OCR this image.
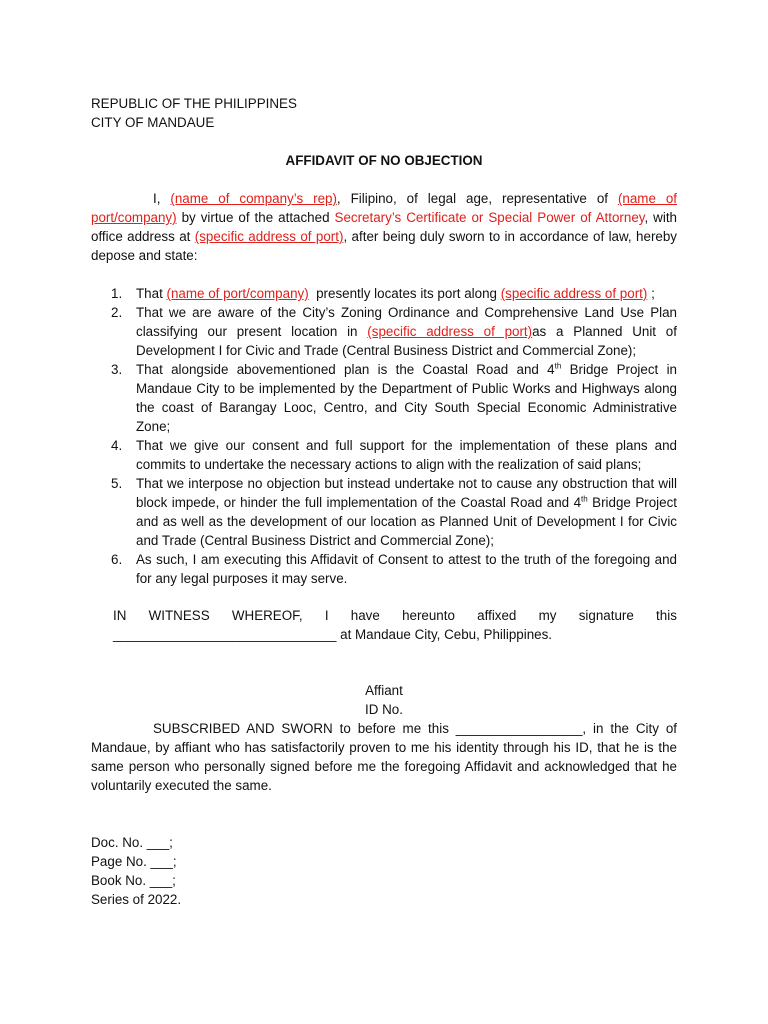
REPUBLIC OF THE PHILIPPINES
CITY OF MANDAUE
AFFIDAVIT OF NO OBJECTION
I, (name of company’s rep), Filipino, of legal age, representative of (name of port/company) by virtue of the attached Secretary’s Certificate or Special Power of Attorney, with office address at (specific address of port), after being duly sworn to in accordance of law, hereby depose and state:
1. That (name of port/company)  presently locates its port along (specific address of port) ;
2. That we are aware of the City’s Zoning Ordinance and Comprehensive Land Use Plan classifying our present location in (specific address of port)as a Planned Unit of Development I for Civic and Trade (Central Business District and Commercial Zone);
3. That alongside abovementioned plan is the Coastal Road and 4th Bridge Project in Mandaue City to be implemented by the Department of Public Works and Highways along the coast of Barangay Looc, Centro, and City South Special Economic Administrative Zone;
4. That we give our consent and full support for the implementation of these plans and commits to undertake the necessary actions to align with the realization of said plans;
5. That we interpose no objection but instead undertake not to cause any obstruction that will block impede, or hinder the full implementation of the Coastal Road and 4th Bridge Project and as well as the development of our location as Planned Unit of Development I for Civic and Trade (Central Business District and Commercial Zone);
6. As such, I am executing this Affidavit of Consent to attest to the truth of the foregoing and for any legal purposes it may serve.
IN WITNESS WHEREOF, I have hereunto affixed my signature this
______________________________ at Mandaue City, Cebu, Philippines.
Affiant
ID No.
SUBSCRIBED AND SWORN to before me this _________________, in the City of Mandaue, by affiant who has satisfactorily proven to me his identity through his ID, that he is the same person who personally signed before me the foregoing Affidavit and acknowledged that he voluntarily executed the same.
Doc. No. ___;
Page No. ___;
Book No. ___;
Series of 2022.
